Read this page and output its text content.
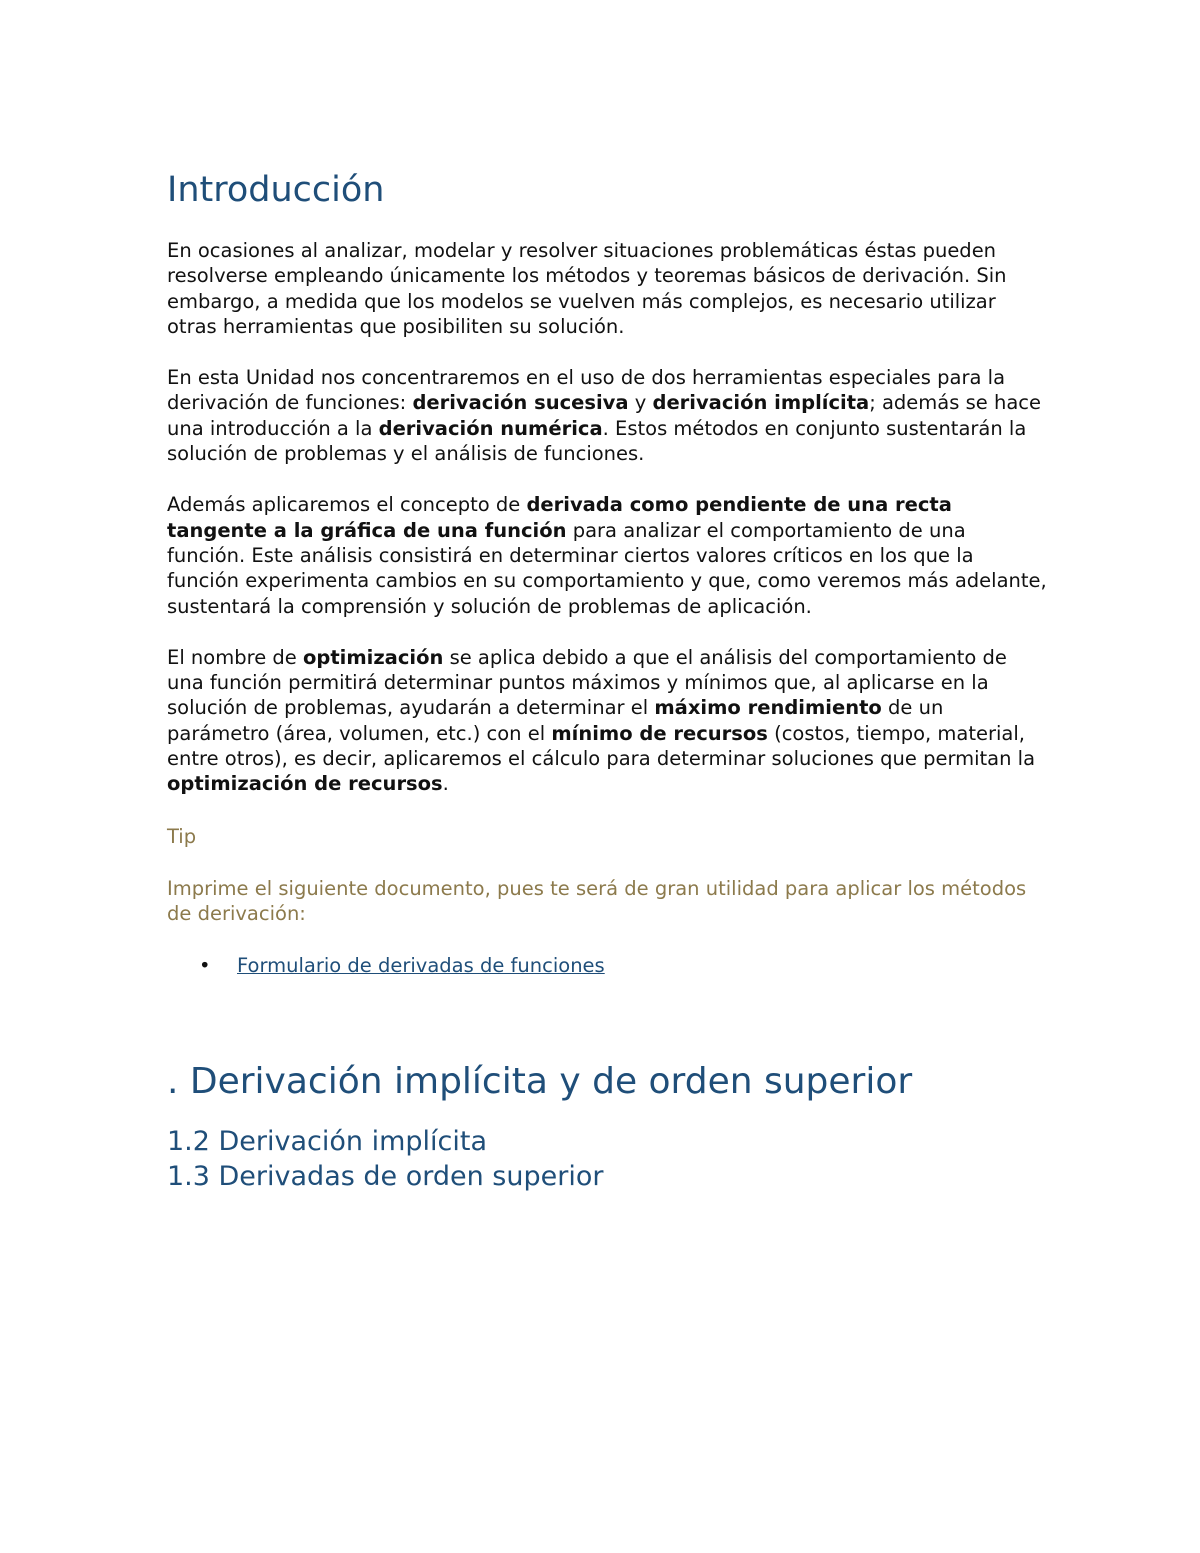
Introducción

En ocasiones al analizar, modelar y resolver situaciones problemáticas éstas pueden resolverse empleando únicamente los métodos y teoremas básicos de derivación. Sin embargo, a medida que los modelos se vuelven más complejos, es necesario utilizar otras herramientas que posibiliten su solución.

En esta Unidad nos concentraremos en el uso de dos herramientas especiales para la derivación de funciones: derivación sucesiva y derivación implícita; además se hace una introducción a la derivación numérica. Estos métodos en conjunto sustentarán la solución de problemas y el análisis de funciones.

Además aplicaremos el concepto de derivada como pendiente de una recta tangente a la gráfica de una función para analizar el comportamiento de una función. Este análisis consistirá en determinar ciertos valores críticos en los que la función experimenta cambios en su comportamiento y que, como veremos más adelante, sustentará la comprensión y solución de problemas de aplicación.

El nombre de optimización se aplica debido a que el análisis del comportamiento de una función permitirá determinar puntos máximos y mínimos que, al aplicarse en la solución de problemas, ayudarán a determinar el máximo rendimiento de un parámetro (área, volumen, etc.) con el mínimo de recursos (costos, tiempo, material, entre otros), es decir, aplicaremos el cálculo para determinar soluciones que permitan la optimización de recursos.

Tip

Imprime el siguiente documento, pues te será de gran utilidad para aplicar los métodos de derivación:

• Formulario de derivadas de funciones
. Derivación implícita y de orden superior
1.2 Derivación implícita
1.3 Derivadas de orden superior
